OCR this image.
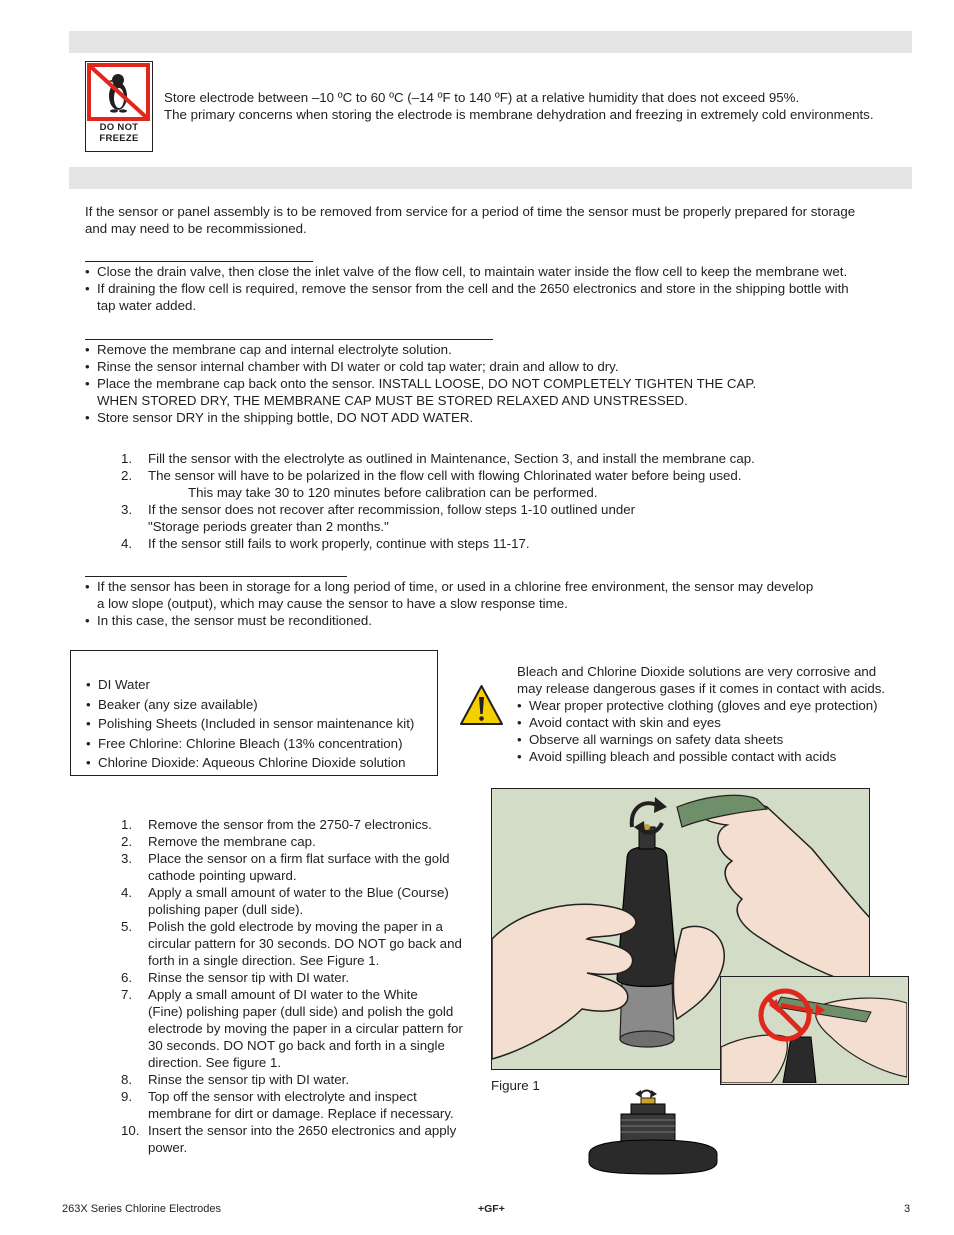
DO NOT
FREEZE
Store electrode between –10 ºC to 60 ºC (–14 ºF to 140 ºF) at a relative humidity that does not exceed 95%.
The primary concerns when storing the electrode is membrane dehydration and freezing in extremely cold environments.
If the sensor or panel assembly is to be removed from service for a period of time the sensor must be properly prepared for storage
and may need to be recommissioned.
• Close the drain valve, then close the inlet valve of the flow cell, to maintain water inside the flow cell to keep the membrane wet.
• If draining the flow cell is required, remove the sensor from the cell and the 2650 electronics and store in the shipping bottle with
tap water added.
• Remove the membrane cap and internal electrolyte solution.
• Rinse the sensor internal chamber with DI water or cold tap water; drain and allow to dry.
• Place the membrane cap back onto the sensor. INSTALL LOOSE, DO NOT COMPLETELY TIGHTEN THE CAP.
WHEN STORED DRY, THE MEMBRANE CAP MUST BE STORED RELAXED AND UNSTRESSED.
• Store sensor DRY in the shipping bottle, DO NOT ADD WATER.
1. Fill the sensor with the electrolyte as outlined in Maintenance, Section 3, and install the membrane cap.
2. The sensor will have to be polarized in the flow cell with flowing Chlorinated water before being used.
This may take 30 to 120 minutes before calibration can be performed.
3. If the sensor does not recover after recommission, follow steps 1-10 outlined under
"Storage periods greater than 2 months."
4. If the sensor still fails to work properly, continue with steps 11-17.
• If the sensor has been in storage for a long period of time, or used in a chlorine free environment, the sensor may develop
a low slope (output), which may cause the sensor to have a slow response time.
• In this case, the sensor must be reconditioned.
• DI Water
• Beaker (any size available)
• Polishing Sheets (Included in sensor maintenance kit)
• Free Chlorine: Chlorine Bleach (13% concentration)
• Chlorine Dioxide: Aqueous Chlorine Dioxide solution
Bleach and Chlorine Dioxide solutions are very corrosive and
may release dangerous gases if it comes in contact with acids.
• Wear proper protective clothing (gloves and eye protection)
• Avoid contact with skin and eyes
• Observe all warnings on safety data sheets
• Avoid spilling bleach and possible contact with acids
1. Remove the sensor from the 2750-7 electronics.
2. Remove the membrane cap.
3. Place the sensor on a firm flat surface with the gold
cathode pointing upward.
4. Apply a small amount of water to the Blue (Course)
polishing paper (dull side).
5. Polish the gold electrode by moving the paper in a
circular pattern for 30 seconds. DO NOT go back and
forth in a single direction. See Figure 1.
6. Rinse the sensor tip with DI water.
7. Apply a small amount of DI water to the White
(Fine) polishing paper (dull side) and polish the gold
electrode by moving the paper in a circular pattern for
30 seconds. DO NOT go back and forth in a single
direction. See figure 1.
8. Rinse the sensor tip with DI water.
9. Top off the sensor with electrolyte and inspect
membrane for dirt or damage. Replace if necessary.
10. Insert the sensor into the 2650 electronics and apply
power.
Figure 1
263X Series Chlorine Electrodes	+GF+	3
